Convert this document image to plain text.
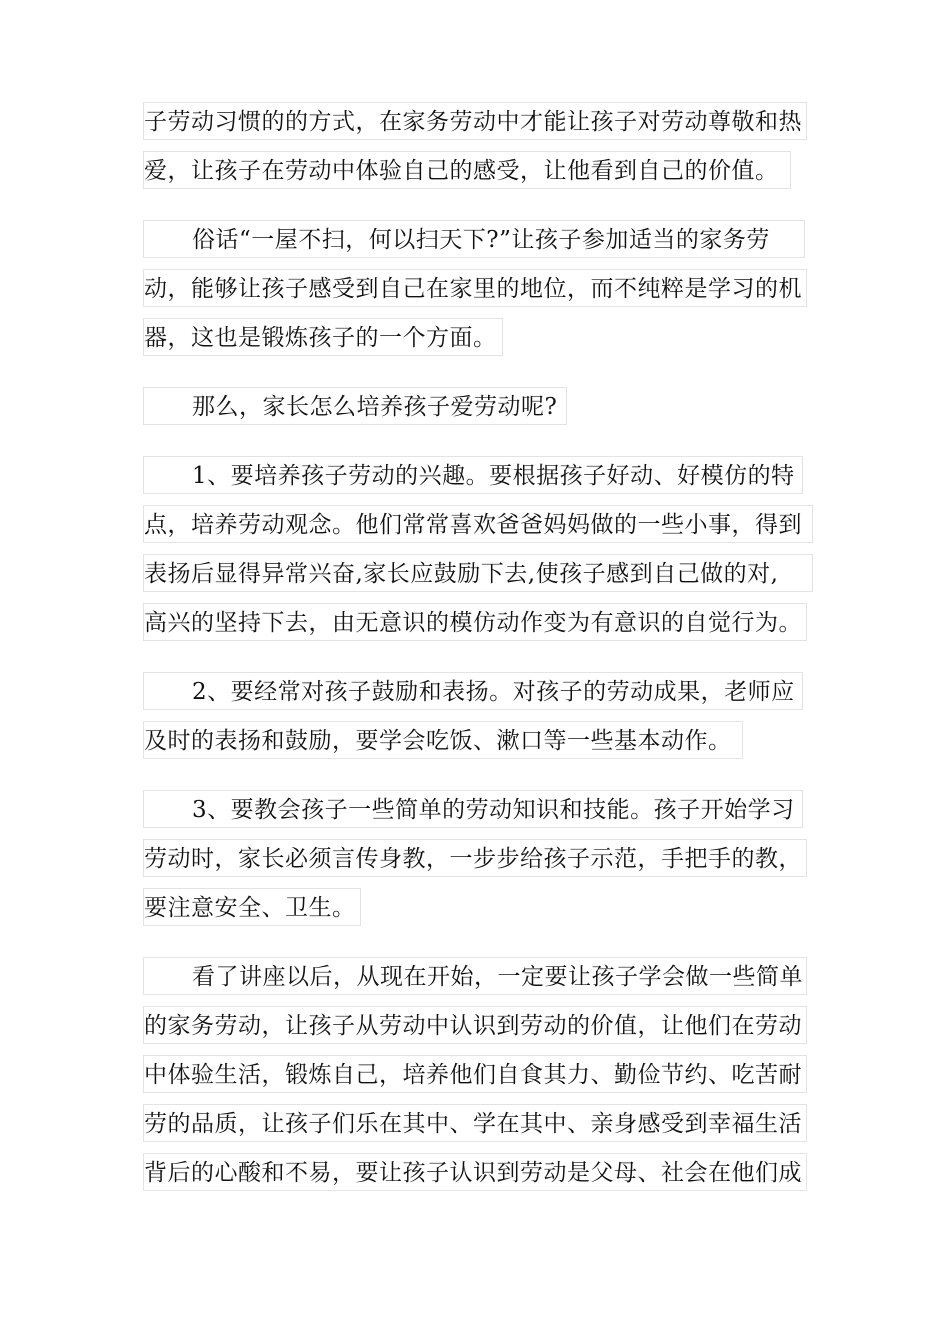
子劳动习惯的的方式，在家务劳动中才能让孩子对劳动尊敬和热
爱，让孩子在劳动中体验自己的感受，让他看到自己的价值。
俗话“一屋不扫，何以扫天下?”让孩子参加适当的家务劳
动，能够让孩子感受到自己在家里的地位，而不纯粹是学习的机
器，这也是锻炼孩子的一个方面。
那么，家长怎么培养孩子爱劳动呢?
1、要培养孩子劳动的兴趣。要根据孩子好动、好模仿的特
点，培养劳动观念。他们常常喜欢爸爸妈妈做的一些小事，得到
表扬后显得异常兴奋,家长应鼓励下去,使孩子感到自己做的对,
高兴的坚持下去，由无意识的模仿动作变为有意识的自觉行为。
2、要经常对孩子鼓励和表扬。对孩子的劳动成果，老师应
及时的表扬和鼓励，要学会吃饭、漱口等一些基本动作。
3、要教会孩子一些简单的劳动知识和技能。孩子开始学习
劳动时，家长必须言传身教，一步步给孩子示范，手把手的教，
要注意安全、卫生。
看了讲座以后，从现在开始，一定要让孩子学会做一些简单
的家务劳动，让孩子从劳动中认识到劳动的价值，让他们在劳动
中体验生活，锻炼自己，培养他们自食其力、勤俭节约、吃苦耐
劳的品质，让孩子们乐在其中、学在其中、亲身感受到幸福生活
背后的心酸和不易，要让孩子认识到劳动是父母、社会在他们成
